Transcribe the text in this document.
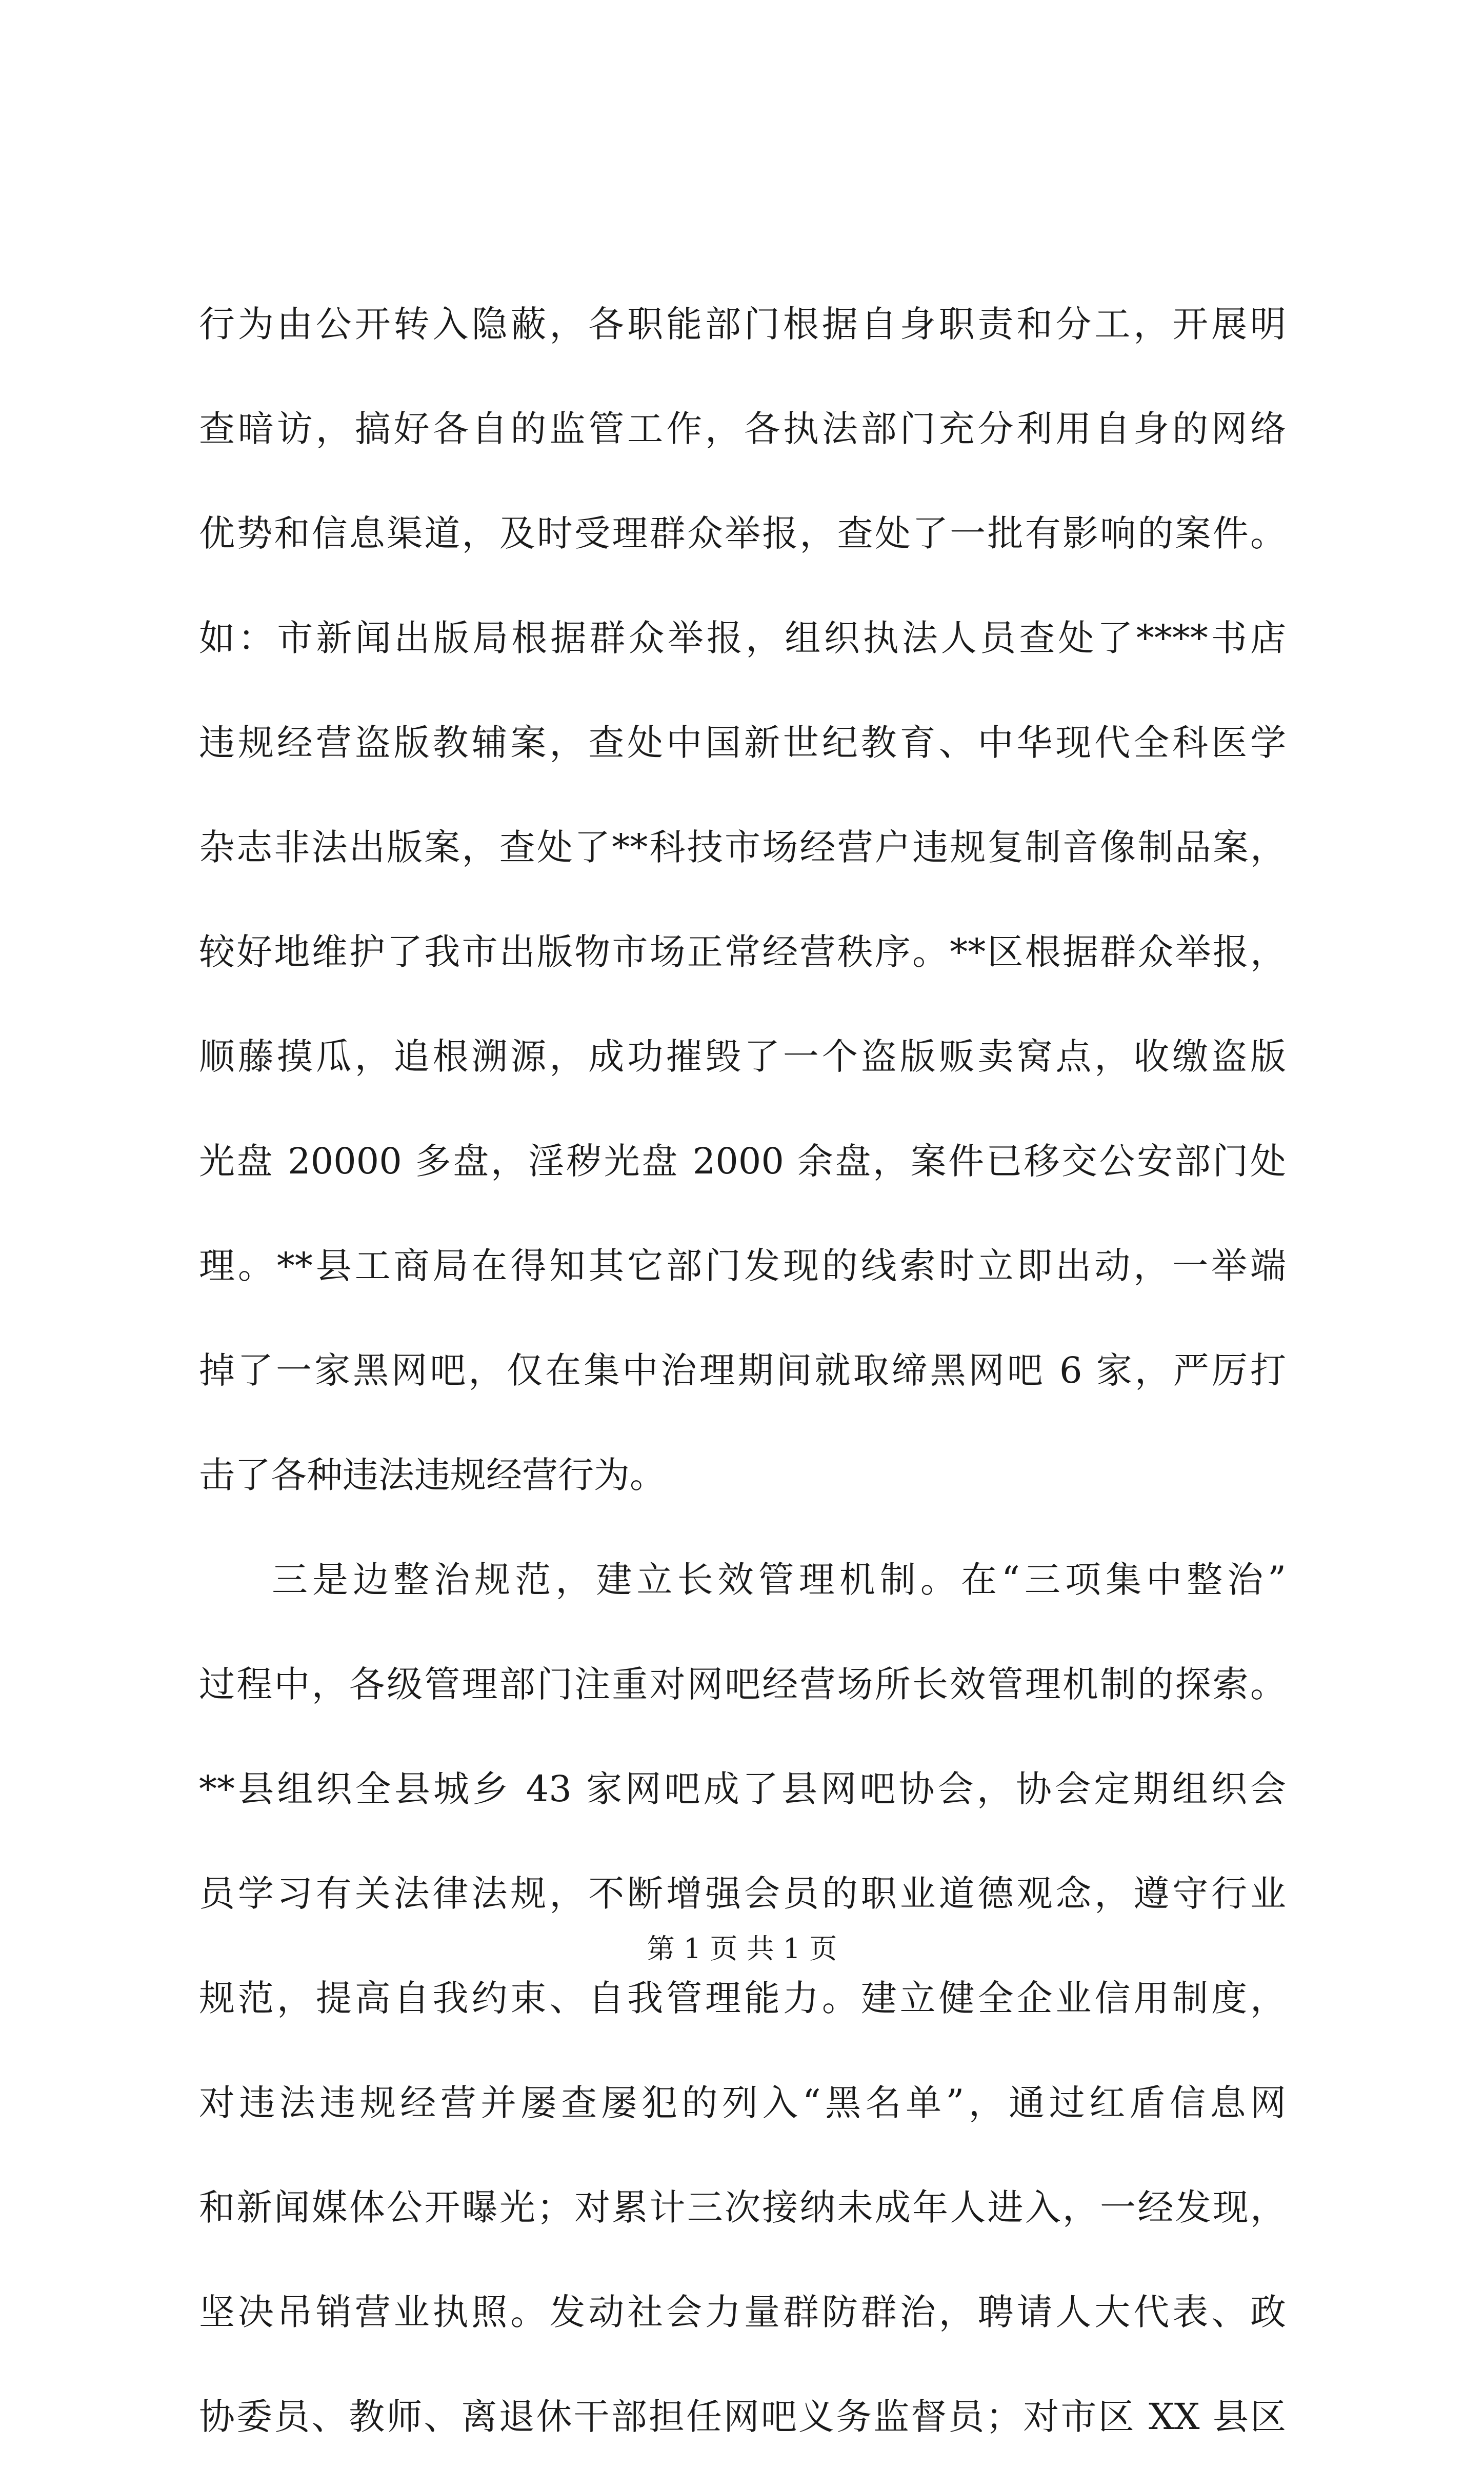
行为由公开转入隐蔽，各职能部门根据自身职责和分工，开展明
查暗访，搞好各自的监管工作，各执法部门充分利用自身的网络
优势和信息渠道，及时受理群众举报，查处了一批有影响的案件。
如：市新闻出版局根据群众举报，组织执法人员查处了****书店
违规经营盗版教辅案，查处中国新世纪教育、中华现代全科医学
杂志非法出版案，查处了**科技市场经营户违规复制音像制品案，
较好地维护了我市出版物市场正常经营秩序。**区根据群众举报，
顺藤摸瓜，追根溯源，成功摧毁了一个盗版贩卖窝点，收缴盗版
光盘 20000 多盘，淫秽光盘 2000 余盘，案件已移交公安部门处
理。**县工商局在得知其它部门发现的线索时立即出动，一举端
掉了一家黑网吧，仅在集中治理期间就取缔黑网吧 6 家，严厉打
击了各种违法违规经营行为。
三是边整治规范，建立长效管理机制。在“三项集中整治”
过程中，各级管理部门注重对网吧经营场所长效管理机制的探索。
**县组织全县城乡 43 家网吧成了县网吧协会，协会定期组织会
员学习有关法律法规，不断增强会员的职业道德观念，遵守行业
规范，提高自我约束、自我管理能力。建立健全企业信用制度，
对违法违规经营并屡查屡犯的列入“黑名单”，通过红盾信息网
和新闻媒体公开曝光；对累计三次接纳未成年人进入，一经发现，
坚决吊销营业执照。发动社会力量群防群治，聘请人大代表、政
协委员、教师、离退休干部担任网吧义务监督员；对市区 XX 县区
第 1 页 共 1 页
